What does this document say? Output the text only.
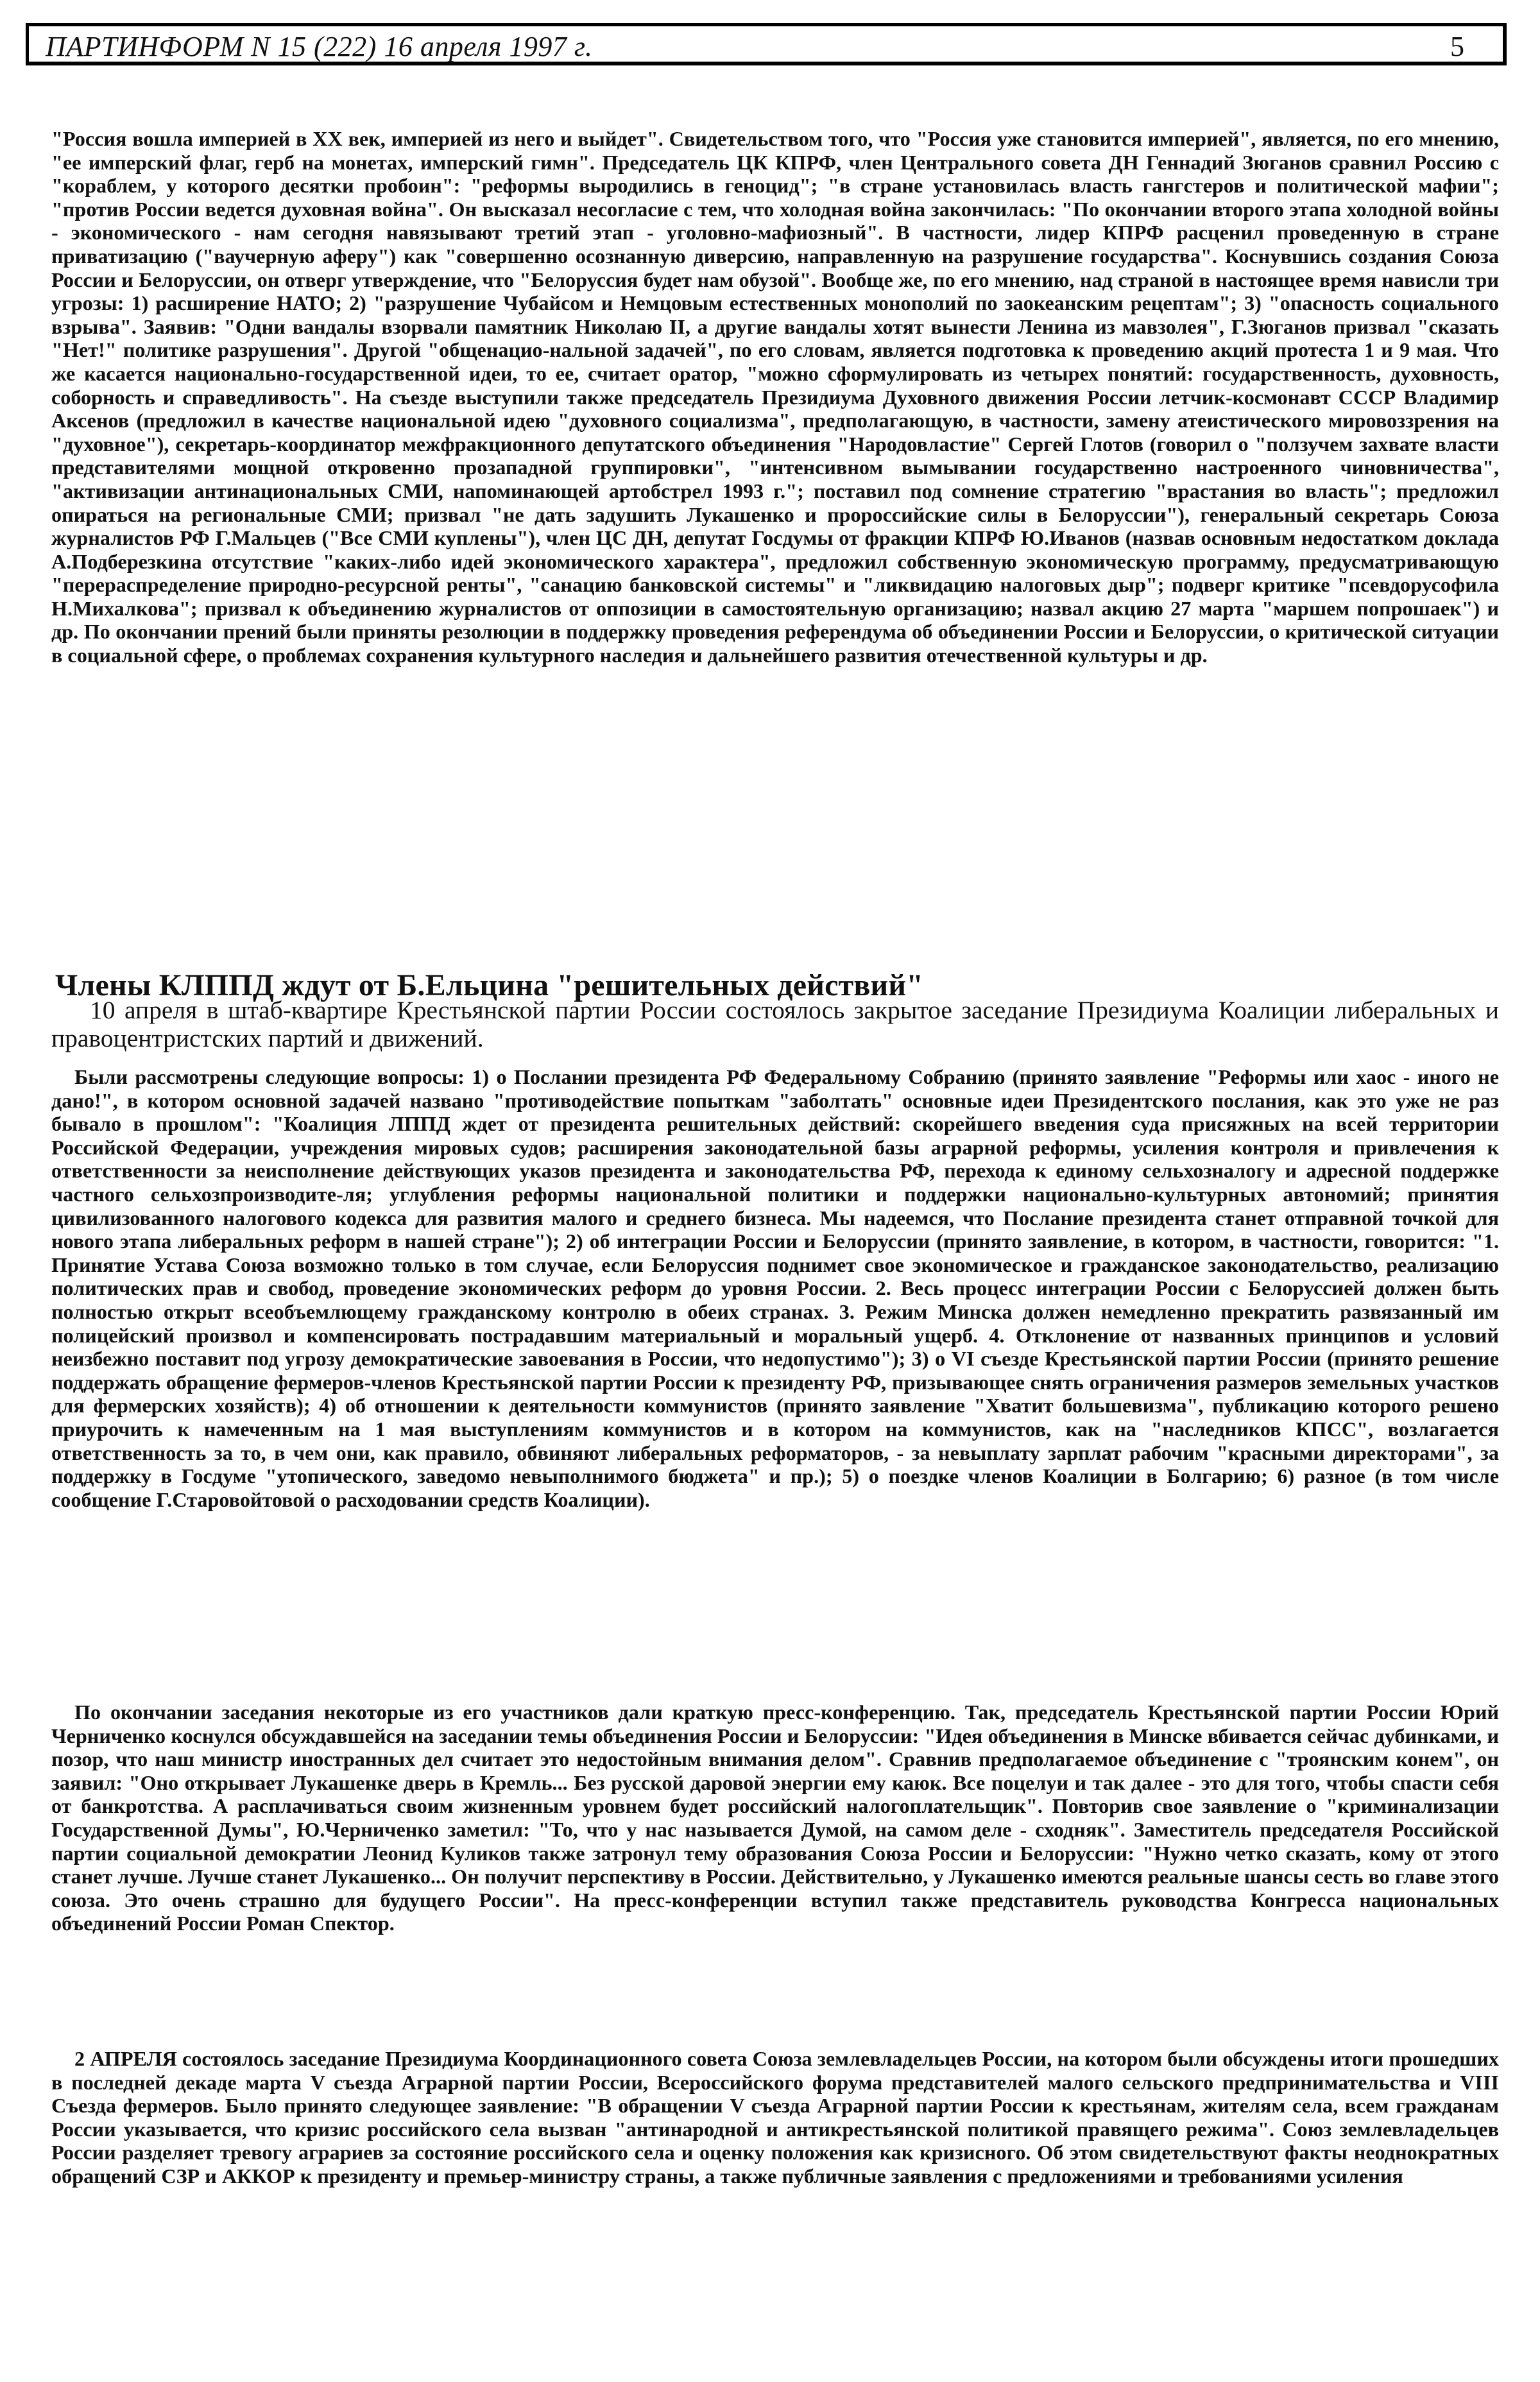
ПАРТИНФОРМ N 15 (222) 16 апреля 1997 г.	5

"Россия вошла империей в XX век, империей из него и выйдет". Свидетельством того, что "Россия уже становится империей", является, по его мнению, "ее имперский флаг, герб на монетах, имперский гимн". Председатель ЦК КПРФ, член Центрального совета ДН Геннадий Зюганов сравнил Россию с "кораблем, у которого десятки пробоин": "реформы выродились в геноцид"; "в стране установилась власть гангстеров и политической мафии"; "против России ведется духовная война". Он высказал несогласие с тем, что холодная война закончилась: "По окончании второго этапа холодной войны - экономического - нам сегодня навязывают третий этап - уголовно-мафиозный". В частности, лидер КПРФ расценил проведенную в стране приватизацию ("ваучерную аферу") как "совершенно осознанную диверсию, направленную на разрушение государства". Коснувшись создания Союза России и Белоруссии, он отверг утверждение, что "Белоруссия будет нам обузой". Вообще же, по его мнению, над страной в настоящее время нависли три угрозы: 1) расширение НАТО; 2) "разрушение Чубайсом и Немцовым естественных монополий по заокеанским рецептам"; 3) "опасность социального взрыва". Заявив: "Одни вандалы взорвали памятник Николаю II, а другие вандалы хотят вынести Ленина из мавзолея", Г.Зюганов призвал "сказать "Нет!" политике разрушения". Другой "общенацио-нальной задачей", по его словам, является подготовка к проведению акций протеста 1 и 9 мая. Что же касается национально-государственной идеи, то ее, считает оратор, "можно сформулировать из четырех понятий: государственность, духовность, соборность и справедливость". На съезде выступили также председатель Президиума Духовного движения России летчик-космонавт СССР Владимир Аксенов (предложил в качестве национальной идею "духовного социализма", предполагающую, в частности, замену атеистического мировоззрения на "духовное"), секретарь-координатор межфракционного депутатского объединения "Народовластие" Сергей Глотов (говорил о "ползучем захвате власти представителями мощной откровенно прозападной группировки", "интенсивном вымывании государственно настроенного чиновничества", "активизации антинациональных СМИ, напоминающей артобстрел 1993 г."; поставил под сомнение стратегию "врастания во власть"; предложил опираться на региональные СМИ; призвал "не дать задушить Лукашенко и пророссийские силы в Белоруссии"), генеральный секретарь Союза журналистов РФ Г.Мальцев ("Все СМИ куплены"), член ЦС ДН, депутат Госдумы от фракции КПРФ Ю.Иванов (назвав основным недостатком доклада А.Подберезкина отсутствие "каких-либо идей экономического характера", предложил собственную экономическую программу, предусматривающую "перераспределение природно-ресурсной ренты", "санацию банковской системы" и "ликвидацию налоговых дыр"; подверг критике "псевдорусофила Н.Михалкова"; призвал к объединению журналистов от оппозиции в самостоятельную организацию; назвал акцию 27 марта "маршем попрошаек") и др. По окончании прений были приняты резолюции в поддержку проведения референдума об объединении России и Белоруссии, о критической ситуации в социальной сфере, о проблемах сохранения культурного наследия и дальнейшего развития отечественной культуры и др.

Члены КЛППД ждут от Б.Ельцина "решительных действий"

10 апреля в штаб-квартире Крестьянской партии России состоялось закрытое заседание Президиума Коалиции либеральных и правоцентристских партий и движений.

Были рассмотрены следующие вопросы: 1) о Послании президента РФ Федеральному Собранию (принято заявление "Реформы или хаос - иного не дано!", в котором основной задачей названо "противодействие попыткам "заболтать" основные идеи Президентского послания, как это уже не раз бывало в прошлом": "Коалиция ЛППД ждет от президента решительных действий: скорейшего введения суда присяжных на всей территории Российской Федерации, учреждения мировых судов; расширения законодательной базы аграрной реформы, усиления контроля и привлечения к ответственности за неисполнение действующих указов президента и законодательства РФ, перехода к единому сельхозналогу и адресной поддержке частного сельхозпроизводите-ля; углубления реформы национальной политики и поддержки национально-культурных автономий; принятия цивилизованного налогового кодекса для развития малого и среднего бизнеса. Мы надеемся, что Послание президента станет отправной точкой для нового этапа либеральных реформ в нашей стране"); 2) об интеграции России и Белоруссии (принято заявление, в котором, в частности, говорится: "1. Принятие Устава Союза возможно только в том случае, если Белоруссия поднимет свое экономическое и гражданское законодательство, реализацию политических прав и свобод, проведение экономических реформ до уровня России. 2. Весь процесс интеграции России с Белоруссией должен быть полностью открыт всеобъемлющему гражданскому контролю в обеих странах. 3. Режим Минска должен немедленно прекратить развязанный им полицейский произвол и компенсировать пострадавшим материальный и моральный ущерб. 4. Отклонение от названных принципов и условий неизбежно поставит под угрозу демократические завоевания в России, что недопустимо"); 3) о VI съезде Крестьянской партии России (принято решение поддержать обращение фермеров-членов Крестьянской партии России к президенту РФ, призывающее снять ограничения размеров земельных участков для фермерских хозяйств); 4) об отношении к деятельности коммунистов (принято заявление "Хватит большевизма", публикацию которого решено приурочить к намеченным на 1 мая выступлениям коммунистов и в котором на коммунистов, как на "наследников КПСС", возлагается ответственность за то, в чем они, как правило, обвиняют либеральных реформаторов, - за невыплату зарплат рабочим "красными директорами", за поддержку в Госдуме "утопического, заведомо невыполнимого бюджета" и пр.); 5) о поездке членов Коалиции в Болгарию; 6) разное (в том числе сообщение Г.Старовойтовой о расходовании средств Коалиции).

По окончании заседания некоторые из его участников дали краткую пресс-конференцию. Так, председатель Крестьянской партии России Юрий Черниченко коснулся обсуждавшейся на заседании темы объединения России и Белоруссии: "Идея объединения в Минске вбивается сейчас дубинками, и позор, что наш министр иностранных дел считает это недостойным внимания делом". Сравнив предполагаемое объединение с "троянским конем", он заявил: "Оно открывает Лукашенке дверь в Кремль... Без русской даровой энергии ему каюк. Все поцелуи и так далее - это для того, чтобы спасти себя от банкротства. А расплачиваться своим жизненным уровнем будет российский налогоплательщик". Повторив свое заявление о "криминализации Государственной Думы", Ю.Черниченко заметил: "То, что у нас называется Думой, на самом деле - сходняк". Заместитель председателя Российской партии социальной демократии Леонид Куликов также затронул тему образования Союза России и Белоруссии: "Нужно четко сказать, кому от этого станет лучше. Лучше станет Лукашенко... Он получит перспективу в России. Действительно, у Лукашенко имеются реальные шансы сесть во главе этого союза. Это очень страшно для будущего России". На пресс-конференции вступил также представитель руководства Конгресса национальных объединений России Роман Спектор.

2 АПРЕЛЯ состоялось заседание Президиума Координационного совета Союза землевладельцев России, на котором были обсуждены итоги прошедших в последней декаде марта V съезда Аграрной партии России, Всероссийского форума представителей малого сельского предпринимательства и VIII Съезда фермеров. Было принято следующее заявление: "В обращении V съезда Аграрной партии России к крестьянам, жителям села, всем гражданам России указывается, что кризис российского села вызван "антинародной и антикрестьянской политикой правящего режима". Союз землевладельцев России разделяет тревогу аграриев за состояние российского села и оценку положения как кризисного. Об этом свидетельствуют факты неоднократных обращений СЗР и АККОР к президенту и премьер-министру страны, а также публичные заявления с предложениями и требованиями усиления
